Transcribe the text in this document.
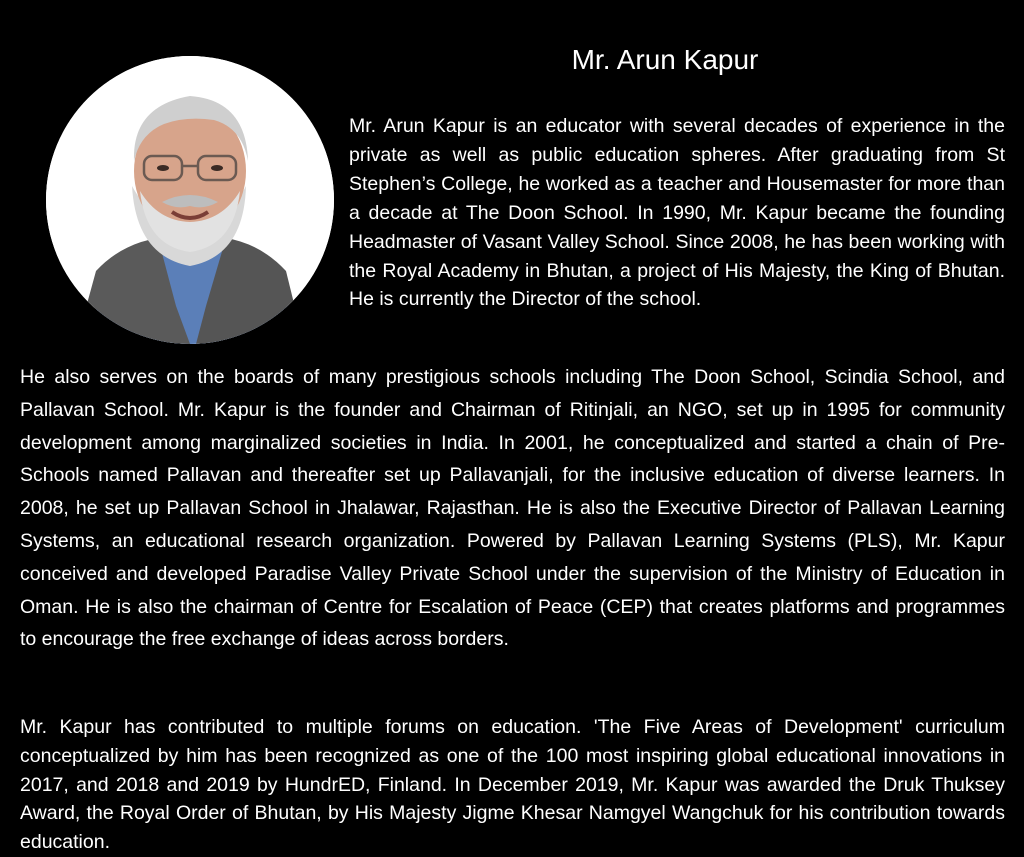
Mr. Arun Kapur

Mr. Arun Kapur is an educator with several decades of experience in the private as well as public education spheres. After graduating from St Stephen’s College, he worked as a teacher and Housemaster for more than a decade at The Doon School. In 1990, Mr. Kapur became the founding Headmaster of Vasant Valley School. Since 2008, he has been working with the Royal Academy in Bhutan, a project of His Majesty, the King of Bhutan. He is currently the Director of the school.

He also serves on the boards of many prestigious schools including The Doon School, Scindia School, and Pallavan School. Mr. Kapur is the founder and Chairman of Ritinjali, an NGO, set up in 1995 for community development among marginalized societies in India. In 2001, he conceptualized and started a chain of Pre-Schools named Pallavan and thereafter set up Pallavanjali, for the inclusive education of diverse learners. In 2008, he set up Pallavan School in Jhalawar, Rajasthan. He is also the Executive Director of Pallavan Learning Systems, an educational research organization. Powered by Pallavan Learning Systems (PLS), Mr. Kapur conceived and developed Paradise Valley Private School under the supervision of the Ministry of Education in Oman. He is also the chairman of Centre for Escalation of Peace (CEP) that creates platforms and programmes to encourage the free exchange of ideas across borders.

Mr. Kapur has contributed to multiple forums on education. 'The Five Areas of Development' curriculum conceptualized by him has been recognized as one of the 100 most inspiring global educational innovations in 2017, and 2018 and 2019 by HundrED, Finland. In December 2019, Mr. Kapur was awarded the Druk Thuksey Award, the Royal Order of Bhutan, by His Majesty Jigme Khesar Namgyel Wangchuk for his contribution towards education.
